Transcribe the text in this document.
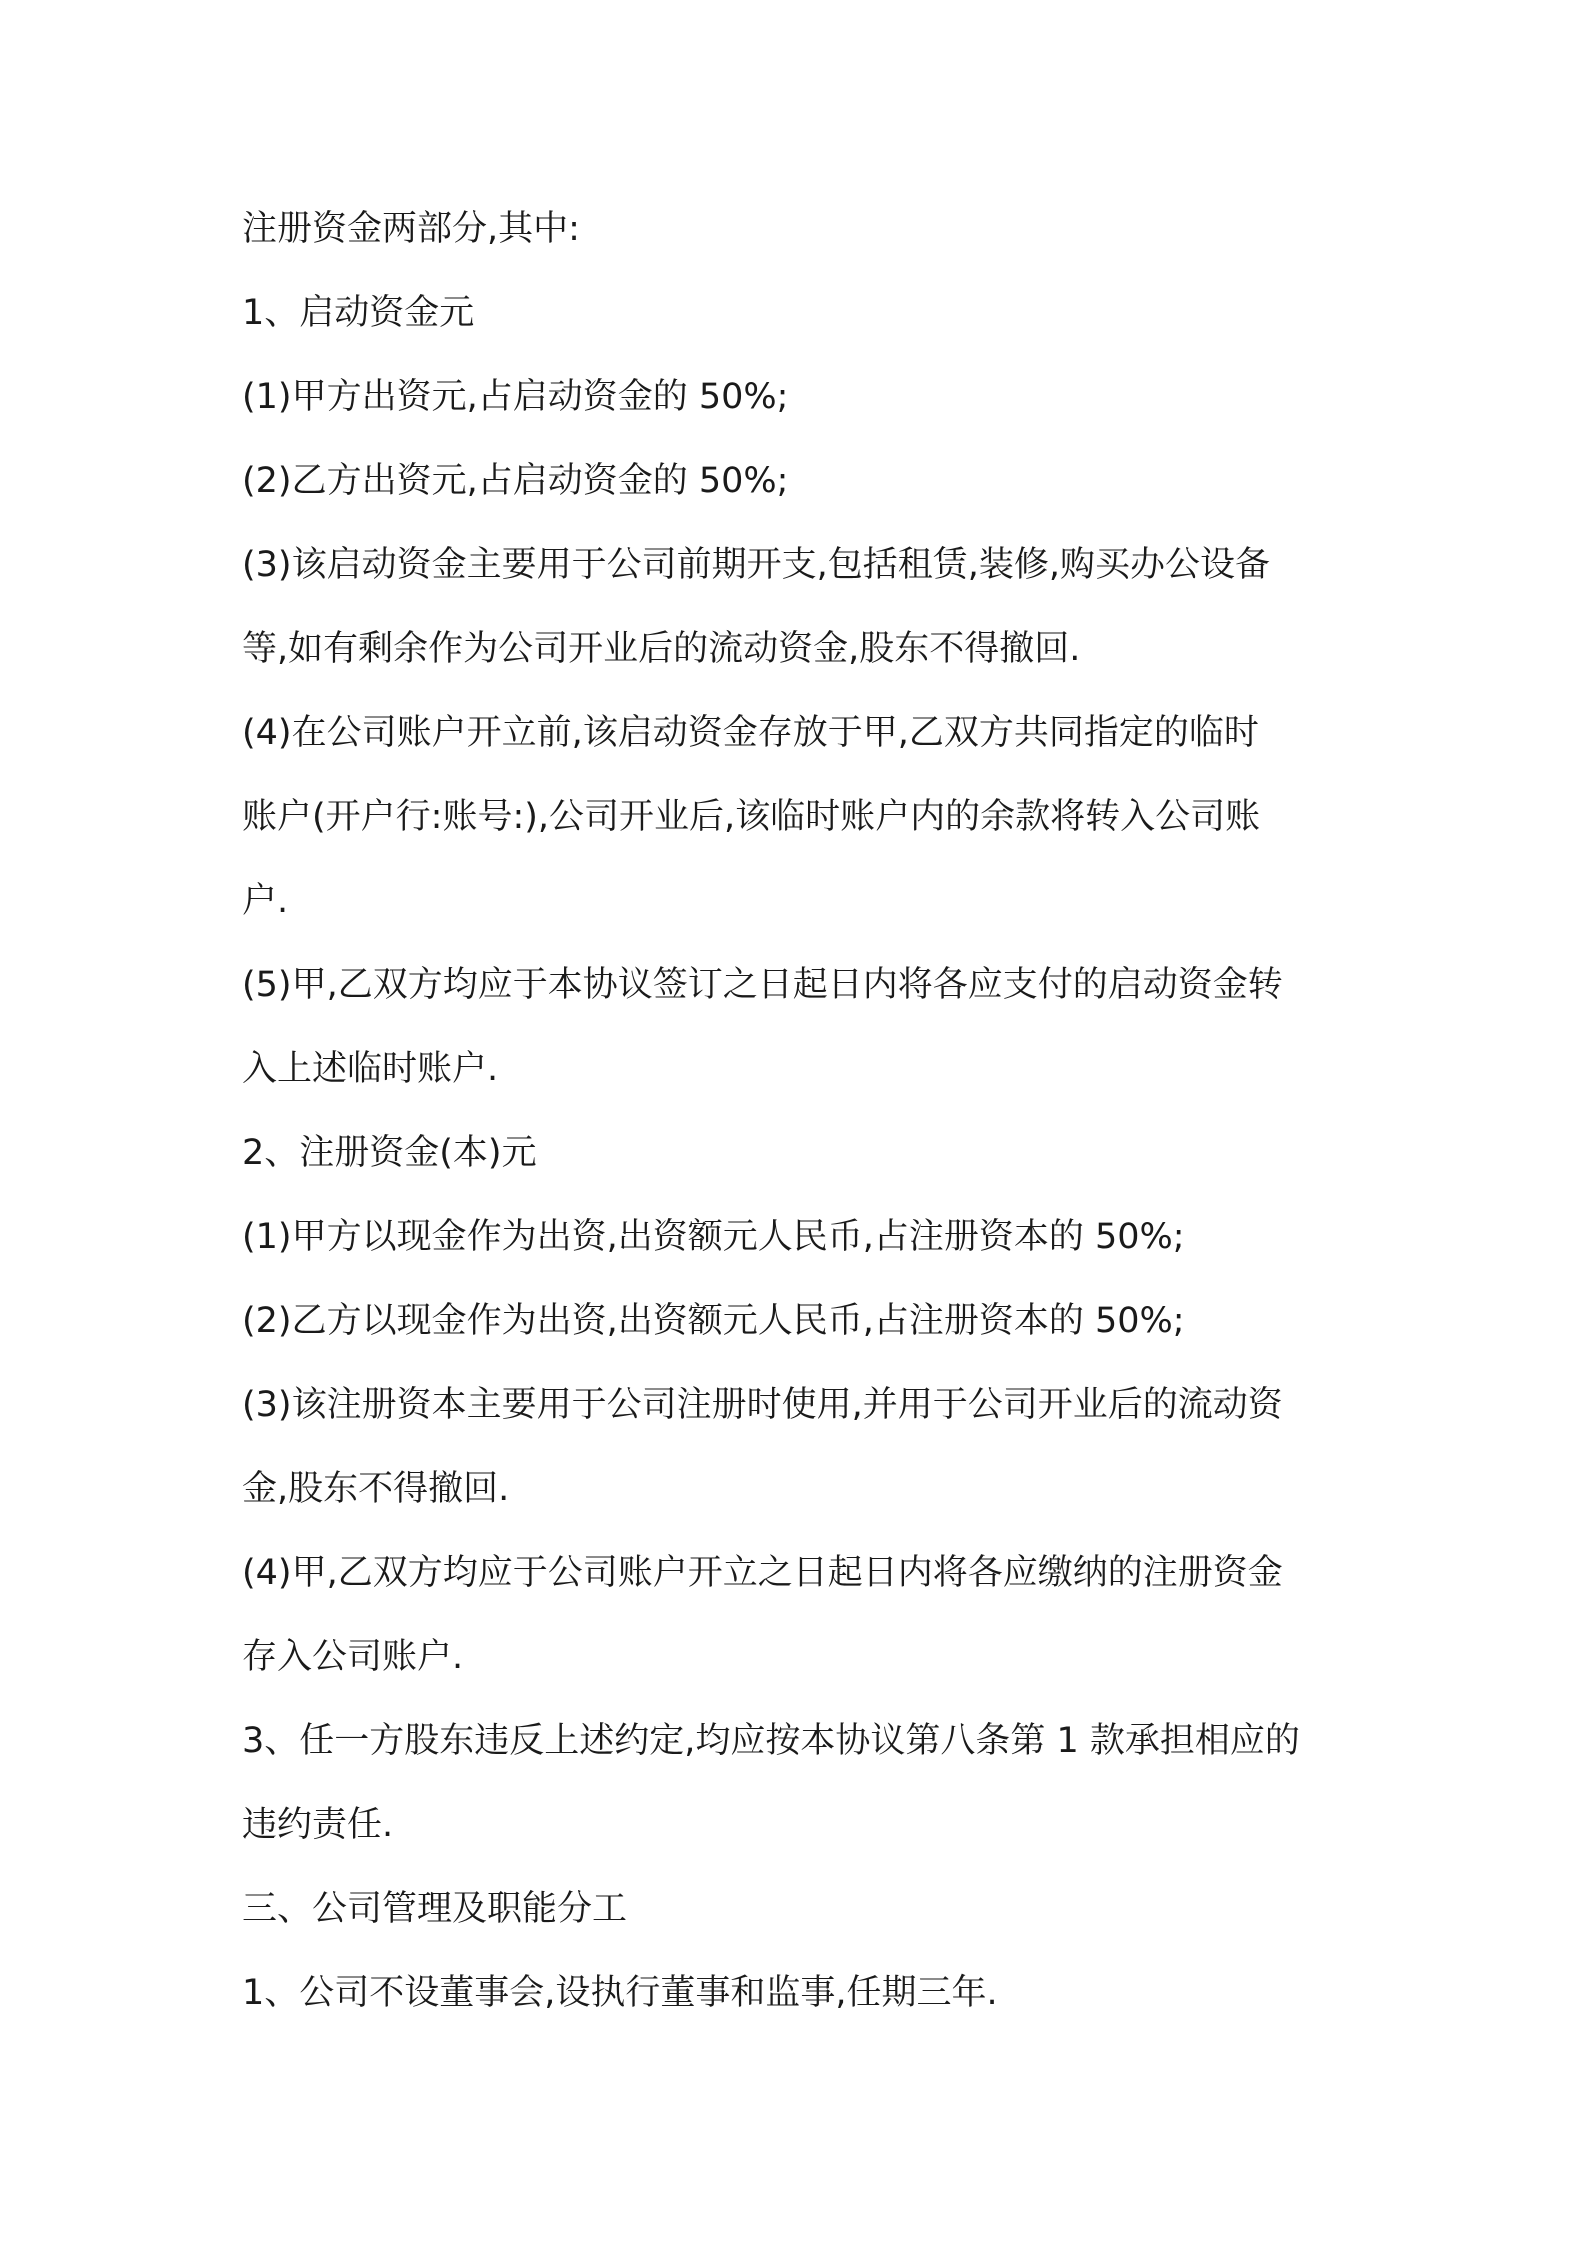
注册资金两部分,其中:
1、启动资金元
(1)甲方出资元,占启动资金的 50%;
(2)乙方出资元,占启动资金的 50%;
(3)该启动资金主要用于公司前期开支,包括租赁,装修,购买办公设备
等,如有剩余作为公司开业后的流动资金,股东不得撤回.
(4)在公司账户开立前,该启动资金存放于甲,乙双方共同指定的临时
账户(开户行:账号:),公司开业后,该临时账户内的余款将转入公司账
户.
(5)甲,乙双方均应于本协议签订之日起日内将各应支付的启动资金转
入上述临时账户.
2、注册资金(本)元
(1)甲方以现金作为出资,出资额元人民币,占注册资本的 50%;
(2)乙方以现金作为出资,出资额元人民币,占注册资本的 50%;
(3)该注册资本主要用于公司注册时使用,并用于公司开业后的流动资
金,股东不得撤回.
(4)甲,乙双方均应于公司账户开立之日起日内将各应缴纳的注册资金
存入公司账户.
3、任一方股东违反上述约定,均应按本协议第八条第 1 款承担相应的
违约责任.
三、公司管理及职能分工
1、公司不设董事会,设执行董事和监事,任期三年.
